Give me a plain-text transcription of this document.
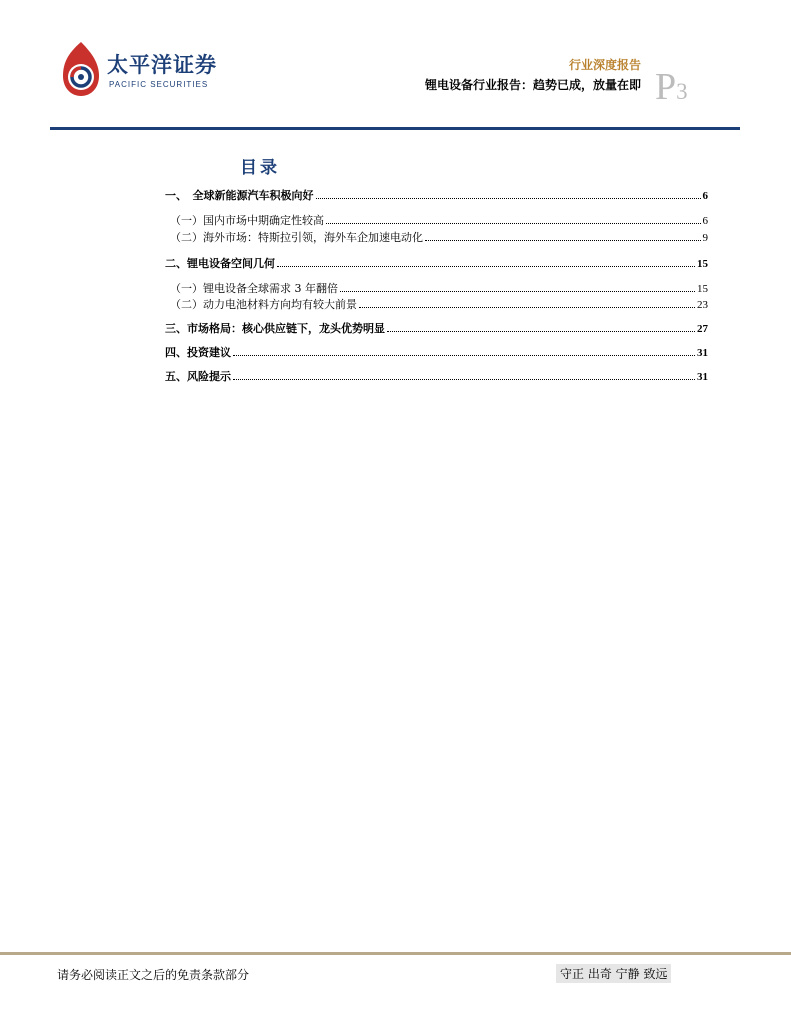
太平洋证券
PACIFIC SECURITIES
行业深度报告
锂电设备行业报告：趋势已成，放量在即 P3
目录
一、　全球新能源汽车积极向好	6
（一）国内市场中期确定性较高	6
（二）海外市场：特斯拉引领，海外车企加速电动化	9
二、锂电设备空间几何	15
（一）锂电设备全球需求 3 年翻倍	15
（二）动力电池材料方向均有较大前景	23
三、市场格局：核心供应链下，龙头优势明显	27
四、投资建议	31
五、风险提示	31
请务必阅读正文之后的免责条款部分	守正 出奇 宁静 致远
